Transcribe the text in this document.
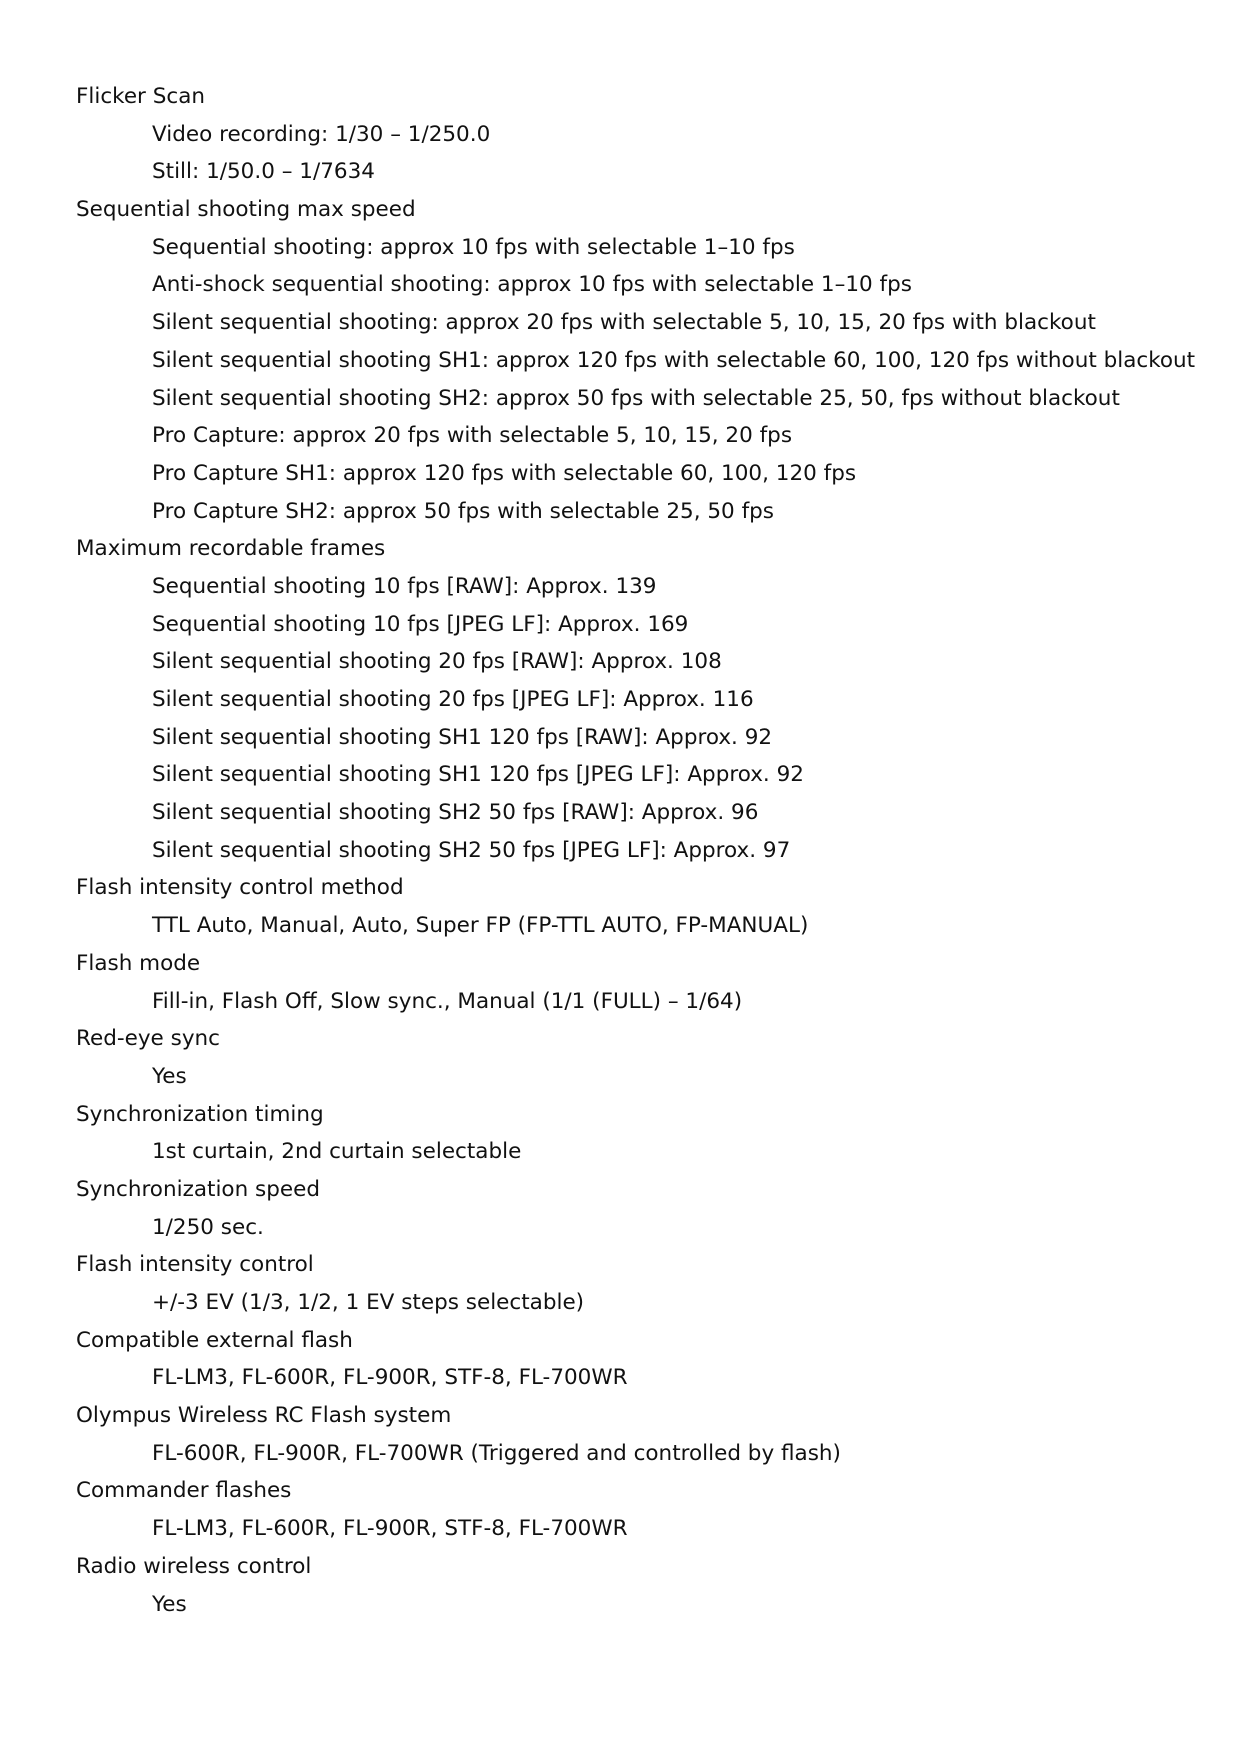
Flicker Scan
Video recording: 1/30 – 1/250.0
Still: 1/50.0 – 1/7634
Sequential shooting max speed
Sequential shooting: approx 10 fps with selectable 1–10 fps
Anti-shock sequential shooting: approx 10 fps with selectable 1–10 fps
Silent sequential shooting: approx 20 fps with selectable 5, 10, 15, 20 fps with blackout
Silent sequential shooting SH1: approx 120 fps with selectable 60, 100, 120 fps without blackout
Silent sequential shooting SH2: approx 50 fps with selectable 25, 50, fps without blackout
Pro Capture: approx 20 fps with selectable 5, 10, 15, 20 fps
Pro Capture SH1: approx 120 fps with selectable 60, 100, 120 fps
Pro Capture SH2: approx 50 fps with selectable 25, 50 fps
Maximum recordable frames
Sequential shooting 10 fps [RAW]: Approx. 139
Sequential shooting 10 fps [JPEG LF]: Approx. 169
Silent sequential shooting 20 fps [RAW]: Approx. 108
Silent sequential shooting 20 fps [JPEG LF]: Approx. 116
Silent sequential shooting SH1 120 fps [RAW]: Approx. 92
Silent sequential shooting SH1 120 fps [JPEG LF]: Approx. 92
Silent sequential shooting SH2 50 fps [RAW]: Approx. 96
Silent sequential shooting SH2 50 fps [JPEG LF]: Approx. 97
Flash intensity control method
TTL Auto, Manual, Auto, Super FP (FP-TTL AUTO, FP-MANUAL)
Flash mode
Fill-in, Flash Off, Slow sync., Manual (1/1 (FULL) – 1/64)
Red-eye sync
Yes
Synchronization timing
1st curtain, 2nd curtain selectable
Synchronization speed
1/250 sec.
Flash intensity control
+/-3 EV (1/3, 1/2, 1 EV steps selectable)
Compatible external flash
FL-LM3, FL-600R, FL-900R, STF-8, FL-700WR
Olympus Wireless RC Flash system
FL-600R, FL-900R, FL-700WR (Triggered and controlled by flash)
Commander flashes
FL-LM3, FL-600R, FL-900R, STF-8, FL-700WR
Radio wireless control
Yes
